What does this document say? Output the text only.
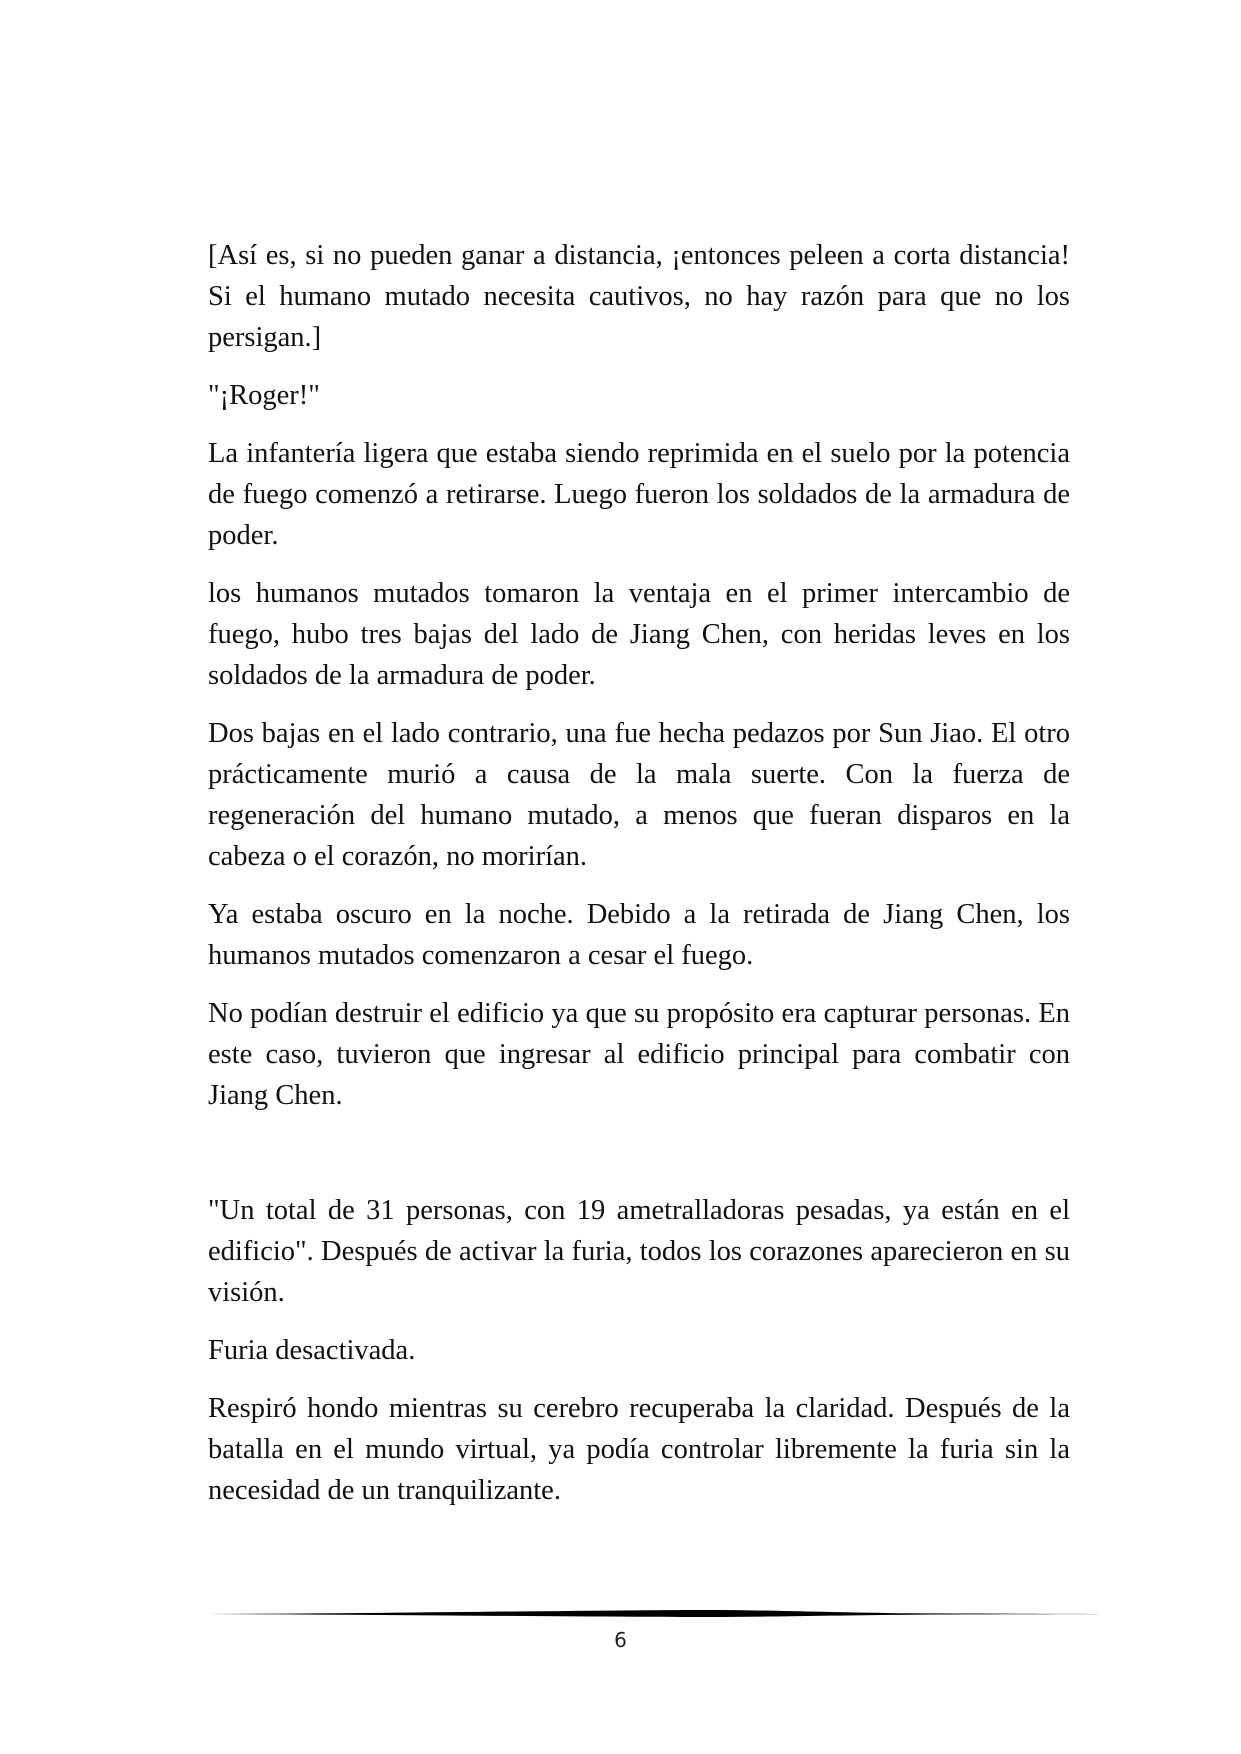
[Así es, si no pueden ganar a distancia, ¡entonces peleen a corta distancia! Si el humano mutado necesita cautivos, no hay razón para que no los persigan.]

"¡Roger!"

La infantería ligera que estaba siendo reprimida en el suelo por la potencia de fuego comenzó a retirarse. Luego fueron los soldados de la armadura de poder.

los humanos mutados tomaron la ventaja en el primer intercambio de fuego, hubo tres bajas del lado de Jiang Chen, con heridas leves en los soldados de la armadura de poder.

Dos bajas en el lado contrario, una fue hecha pedazos por Sun Jiao. El otro prácticamente murió a causa de la mala suerte. Con la fuerza de regeneración del humano mutado, a menos que fueran disparos en la cabeza o el corazón, no morirían.

Ya estaba oscuro en la noche. Debido a la retirada de Jiang Chen, los humanos mutados comenzaron a cesar el fuego.

No podían destruir el edificio ya que su propósito era capturar personas. En este caso, tuvieron que ingresar al edificio principal para combatir con Jiang Chen.

"Un total de 31 personas, con 19 ametralladoras pesadas, ya están en el edificio". Después de activar la furia, todos los corazones aparecieron en su visión.

Furia desactivada.

Respiró hondo mientras su cerebro recuperaba la claridad. Después de la batalla en el mundo virtual, ya podía controlar libremente la furia sin la necesidad de un tranquilizante.

6
